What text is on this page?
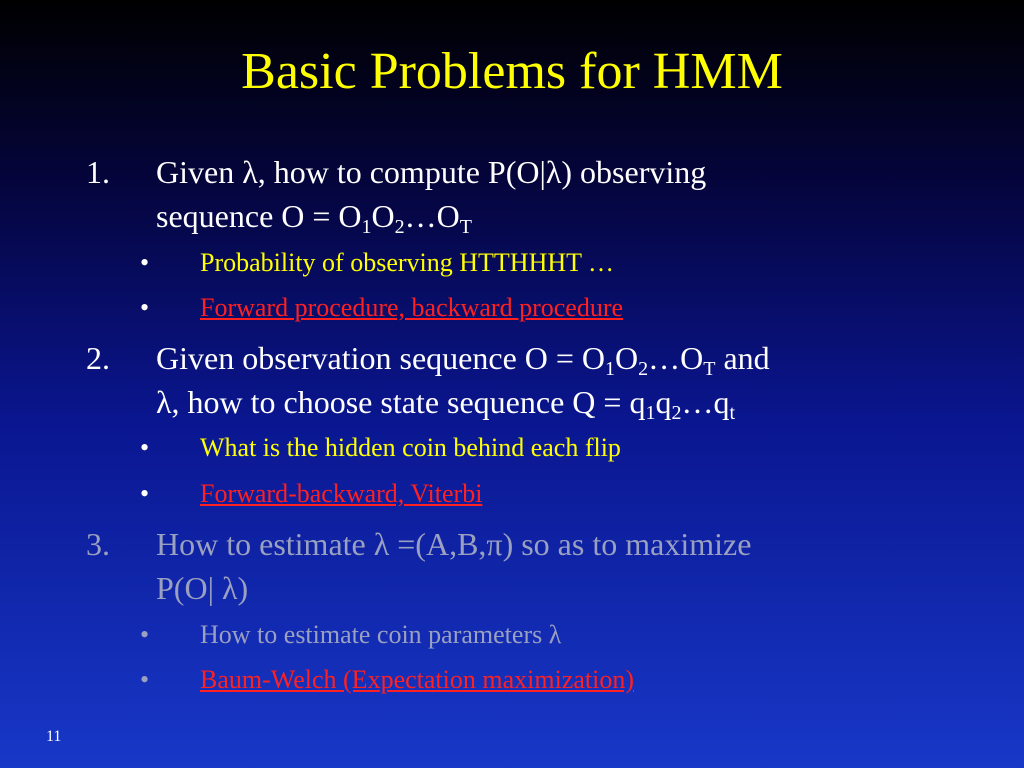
Basic Problems for HMM
1. Given λ, how to compute P(O|λ) observing
sequence $O = O_1O_2\dots O_T$
• Probability of observing HTTHHHT …
• Forward procedure, backward procedure
2. Given observation sequence $O = O_1O_2\dots O_T$ and
λ, how to choose state sequence $Q = q_1q_2\dots q_t$
• What is the hidden coin behind each flip
• Forward-backward, Viterbi
3. How to estimate λ =(A,B,π) so as to maximize
P(O| λ)
• How to estimate coin parameters λ
• Baum-Welch (Expectation maximization)
11
